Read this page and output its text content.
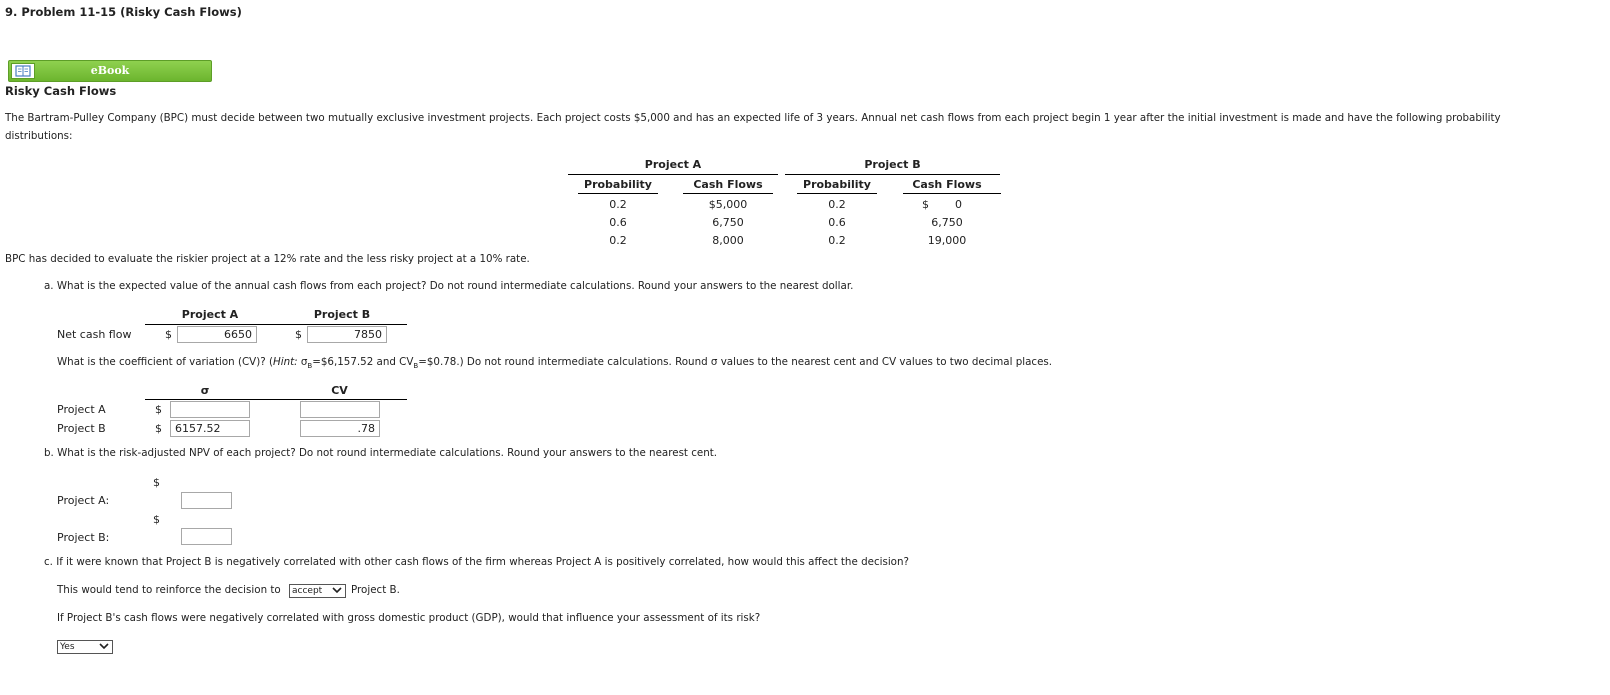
9. Problem 11-15 (Risky Cash Flows)
eBook
Risky Cash Flows
The Bartram-Pulley Company (BPC) must decide between two mutually exclusive investment projects. Each project costs $5,000 and has an expected life of 3 years. Annual net cash flows from each project begin 1 year after the initial investment is made and have the following probability
distributions:
Project A	Project B
Probability	Cash Flows	Probability	Cash Flows
0.2	$5,000	0.2	$ 0
0.6	6,750	0.6	6,750
0.2	8,000	0.2	19,000
BPC has decided to evaluate the riskier project at a 12% rate and the less risky project at a 10% rate.
a. What is the expected value of the annual cash flows from each project? Do not round intermediate calculations. Round your answers to the nearest dollar.
Project A	Project B
Net cash flow	$	6650	$	7850
What is the coefficient of variation (CV)? (Hint: $\sigma_B=\$6,157.52$ and $CV_B=\$0.78$.) Do not round intermediate calculations. Round σ values to the nearest cent and CV values to two decimal places.
σ	CV
Project A	$
Project B	$	6157.52	.78
b. What is the risk-adjusted NPV of each project? Do not round intermediate calculations. Round your answers to the nearest cent.
$
Project A:
$
Project B:
c. If it were known that Project B is negatively correlated with other cash flows of the firm whereas Project A is positively correlated, how would this affect the decision?
This would tend to reinforce the decision to	accept	Project B.
If Project B's cash flows were negatively correlated with gross domestic product (GDP), would that influence your assessment of its risk?
Yes
